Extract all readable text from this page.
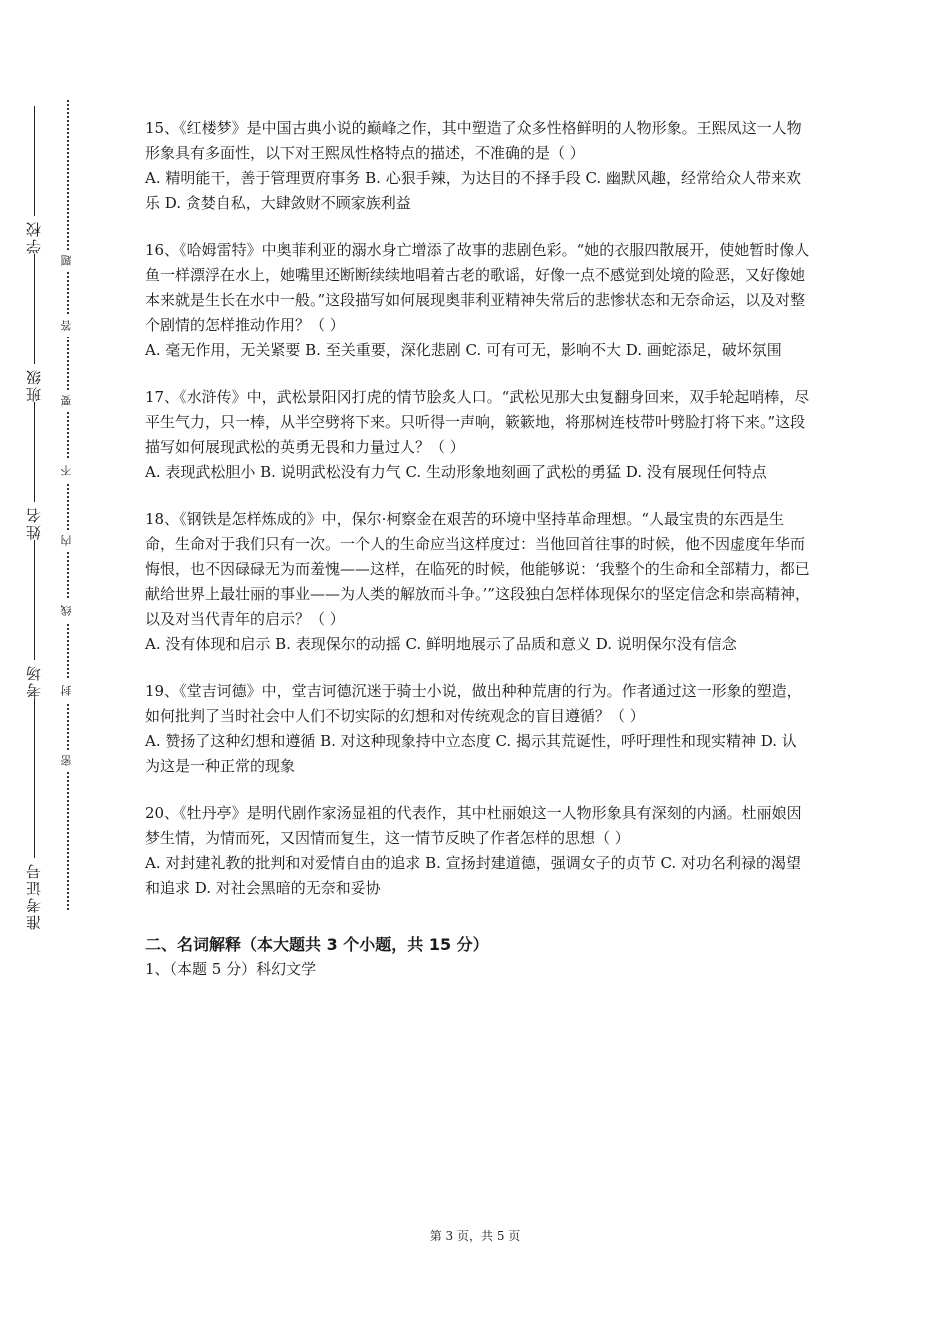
准考证号
考场
姓名
班级
学校
题
答
要
不
内
线
封
密

15、《红楼梦》是中国古典小说的巅峰之作，其中塑造了众多性格鲜明的人物形象。王熙凤这一人物形象具有多面性，以下对王熙凤性格特点的描述，不准确的是（ ）

A. 精明能干，善于管理贾府事务 B. 心狠手辣，为达目的不择手段 C. 幽默风趣，经常给众人带来欢乐 D. 贪婪自私，大肆敛财不顾家族利益

16、《哈姆雷特》中奥菲利亚的溺水身亡增添了故事的悲剧色彩。“她的衣服四散展开，使她暂时像人鱼一样漂浮在水上，她嘴里还断断续续地唱着古老的歌谣，好像一点不感觉到处境的险恶，又好像她本来就是生长在水中一般。”这段描写如何展现奥菲利亚精神失常后的悲惨状态和无奈命运，以及对整个剧情的怎样推动作用？（ ）

A. 毫无作用，无关紧要 B. 至关重要，深化悲剧 C. 可有可无，影响不大 D. 画蛇添足，破坏氛围

17、《水浒传》中，武松景阳冈打虎的情节脍炙人口。“武松见那大虫复翻身回来，双手轮起哨棒，尽平生气力，只一棒，从半空劈将下来。只听得一声响，簌簌地，将那树连枝带叶劈脸打将下来。”这段描写如何展现武松的英勇无畏和力量过人？（ ）

A. 表现武松胆小 B. 说明武松没有力气 C. 生动形象地刻画了武松的勇猛 D. 没有展现任何特点

18、《钢铁是怎样炼成的》中，保尔·柯察金在艰苦的环境中坚持革命理想。“人最宝贵的东西是生命，生命对于我们只有一次。一个人的生命应当这样度过：当他回首往事的时候，他不因虚度年华而悔恨，也不因碌碌无为而羞愧——这样，在临死的时候，他能够说：‘我整个的生命和全部精力，都已献给世界上最壮丽的事业——为人类的解放而斗争。’”这段独白怎样体现保尔的坚定信念和崇高精神，以及对当代青年的启示？（ ）

A. 没有体现和启示 B. 表现保尔的动摇 C. 鲜明地展示了品质和意义 D. 说明保尔没有信念

19、《堂吉诃德》中，堂吉诃德沉迷于骑士小说，做出种种荒唐的行为。作者通过这一形象的塑造，如何批判了当时社会中人们不切实际的幻想和对传统观念的盲目遵循？（ ）

A. 赞扬了这种幻想和遵循 B. 对这种现象持中立态度 C. 揭示其荒诞性，呼吁理性和现实精神 D. 认为这是一种正常的现象

20、《牡丹亭》是明代剧作家汤显祖的代表作，其中杜丽娘这一人物形象具有深刻的内涵。杜丽娘因梦生情，为情而死，又因情而复生，这一情节反映了作者怎样的思想（ ）

A. 对封建礼教的批判和对爱情自由的追求 B. 宣扬封建道德，强调女子的贞节 C. 对功名利禄的渴望和追求 D. 对社会黑暗的无奈和妥协

二、名词解释（本大题共 3 个小题，共 15 分）

1、（本题 5 分）科幻文学

第 3 页，共 5 页
